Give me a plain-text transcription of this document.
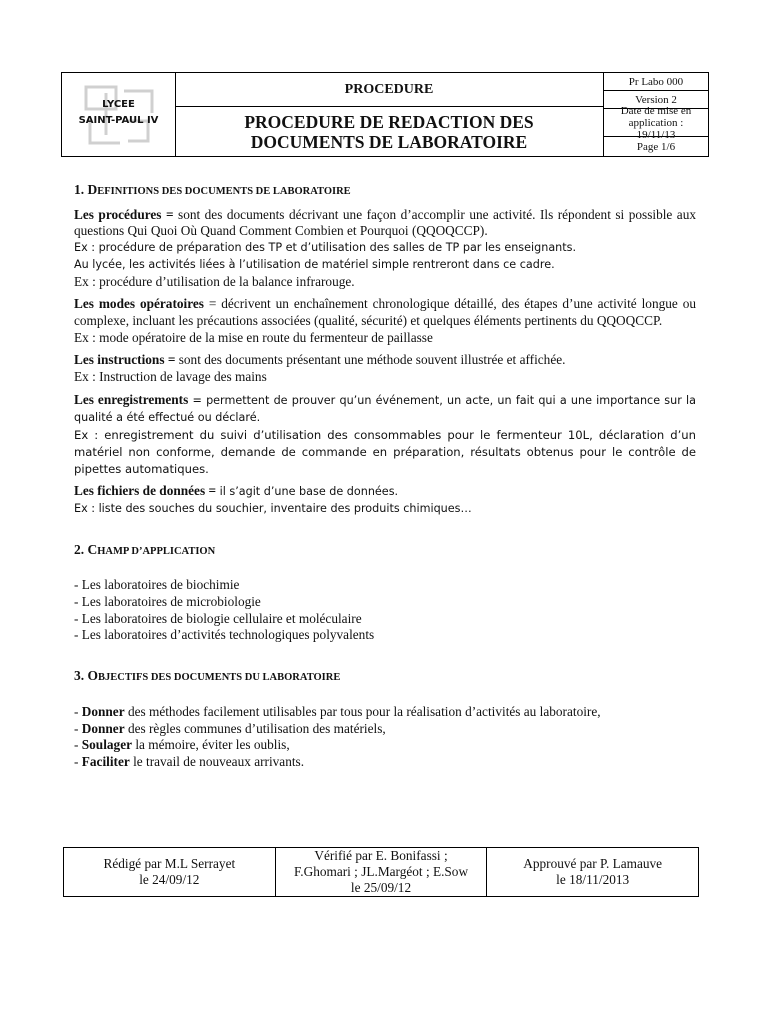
LYCEE
SAINT-PAUL IV
PROCEDURE
PROCEDURE DE REDACTION DES
DOCUMENTS DE LABORATOIRE
Pr Labo 000
Version 2
Date de mise en application :
19/11/13
Page 1/6

1. DEFINITIONS DES DOCUMENTS DE LABORATOIRE

Les procédures = sont des documents décrivant une façon d’accomplir une activité. Ils répondent si possible aux questions Qui Quoi Où Quand Comment Combien et Pourquoi (QQOQCCP).

Ex : procédure de préparation des TP et d’utilisation des salles de TP par les enseignants.

Au lycée, les activités liées à l’utilisation de matériel simple rentreront dans ce cadre.

Ex : procédure d’utilisation de la balance infrarouge.

Les modes opératoires = décrivent un enchaînement chronologique détaillé, des étapes d’une activité longue ou complexe, incluant les précautions associées (qualité, sécurité) et quelques éléments pertinents du QQOQCCP.

Ex : mode opératoire de la mise en route du fermenteur de paillasse

Les instructions = sont des documents présentant une méthode souvent illustrée et affichée.

Ex : Instruction de lavage des mains

Les enregistrements = permettent de prouver qu’un événement, un acte, un fait qui a une importance sur la qualité a été effectué ou déclaré.

Ex : enregistrement du suivi d’utilisation des consommables pour le fermenteur 10L, déclaration d’un matériel non conforme, demande de commande en préparation, résultats obtenus pour le contrôle de pipettes automatiques.

Les fichiers de données = il s’agit d’une base de données.

Ex : liste des souches du souchier, inventaire des produits chimiques…

2. CHAMP D’APPLICATION

- Les laboratoires de biochimie

- Les laboratoires de microbiologie

- Les laboratoires de biologie cellulaire et moléculaire

- Les laboratoires d’activités technologiques polyvalents

3. OBJECTIFS DES DOCUMENTS DU LABORATOIRE

- Donner des méthodes facilement utilisables par tous pour la réalisation d’activités au laboratoire,

- Donner des règles communes d’utilisation des matériels,

- Soulager la mémoire, éviter les oublis,

- Faciliter le travail de nouveaux arrivants.

Rédigé par M.L Serrayet
le 24/09/12
Vérifié par E. Bonifassi ;
F.Ghomari ; JL.Margéot ; E.Sow
le 25/09/12
Approuvé par P. Lamauve
le 18/11/2013
